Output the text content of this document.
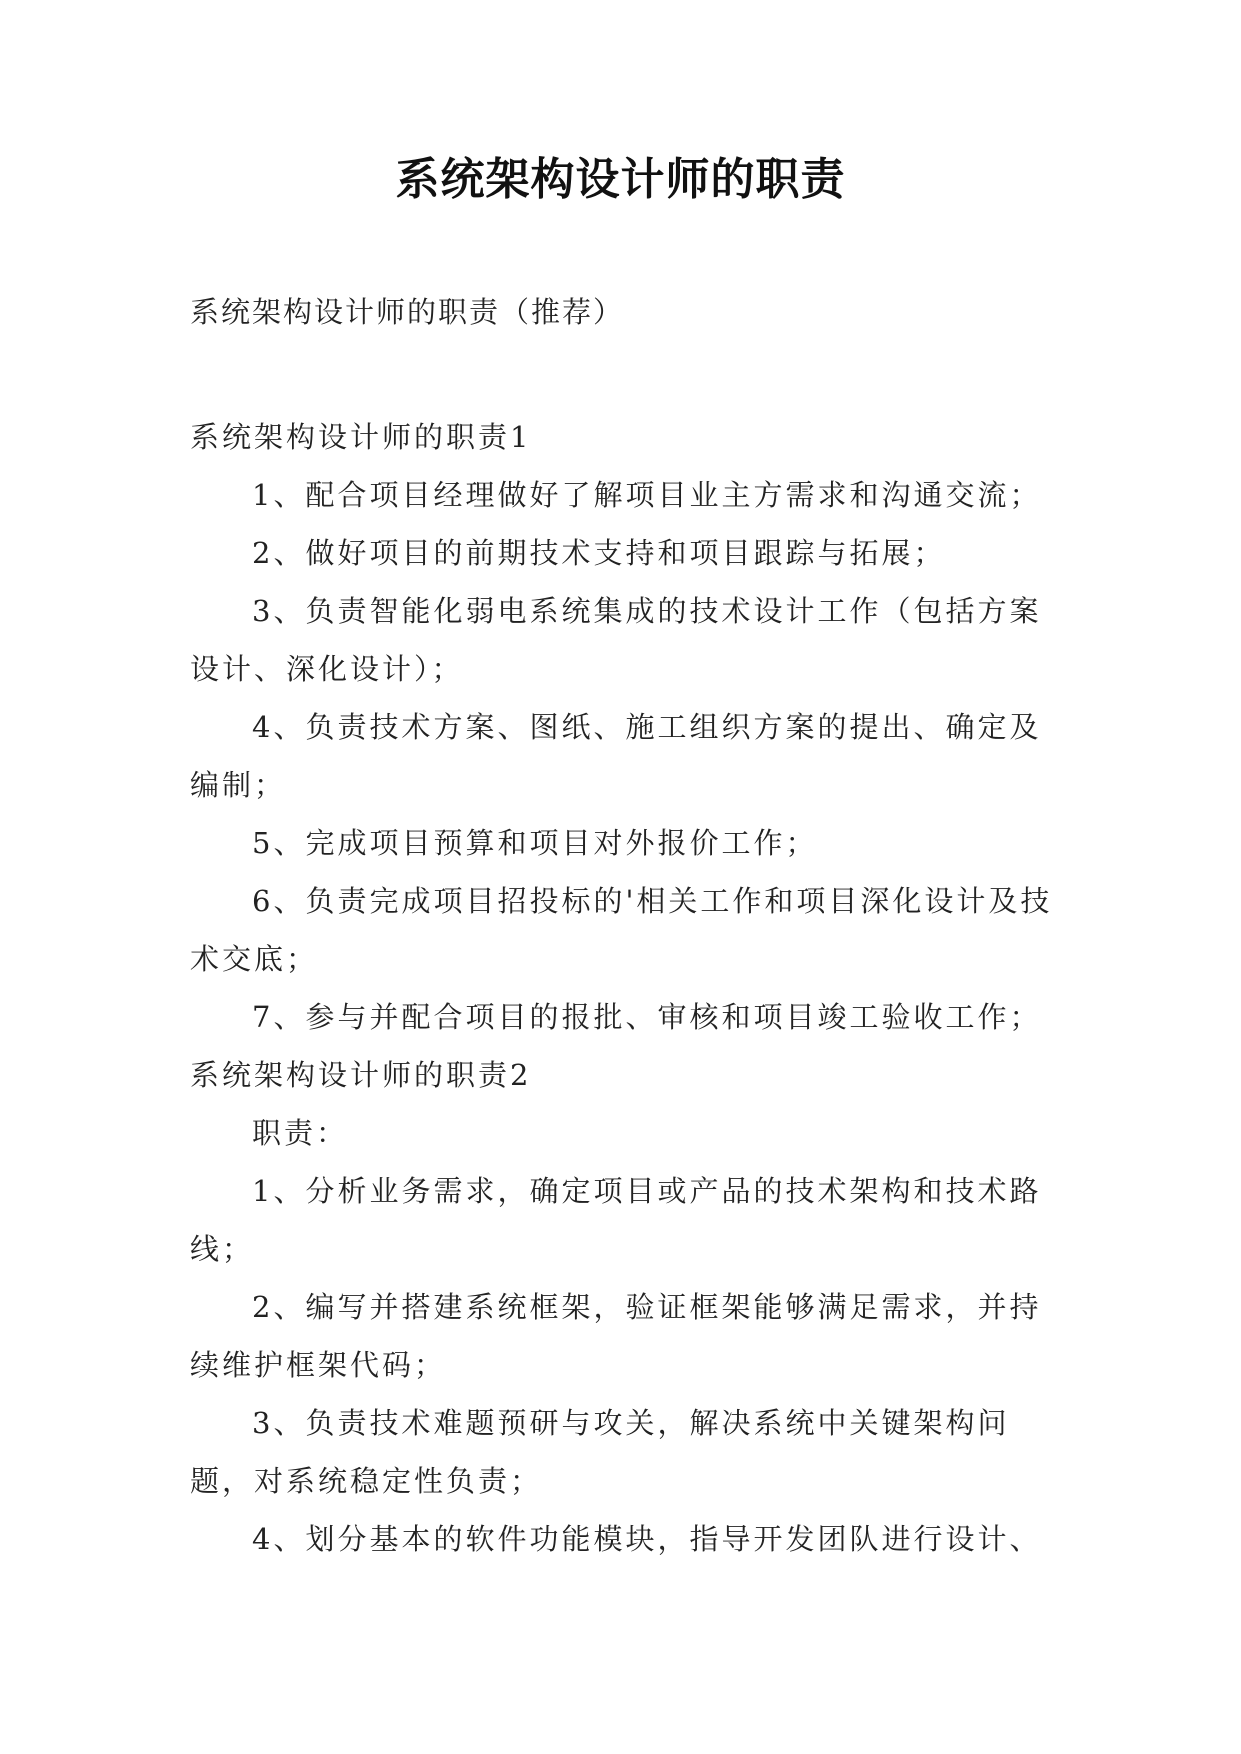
系统架构设计师的职责
系统架构设计师的职责（推荐）

系统架构设计师的职责1

1、配合项目经理做好了解项目业主方需求和沟通交流；

2、做好项目的前期技术支持和项目跟踪与拓展；

3、负责智能化弱电系统集成的技术设计工作（包括方案设计、深化设计）；

4、负责技术方案、图纸、施工组织方案的提出、确定及编制；

5、完成项目预算和项目对外报价工作；

6、负责完成项目招投标的'相关工作和项目深化设计及技术交底；

7、参与并配合项目的报批、审核和项目竣工验收工作；

系统架构设计师的职责2

职责：

1、分析业务需求，确定项目或产品的技术架构和技术路线；

2、编写并搭建系统框架，验证框架能够满足需求，并持续维护框架代码；

3、负责技术难题预研与攻关，解决系统中关键架构问题，对系统稳定性负责；

4、划分基本的软件功能模块，指导开发团队进行设计、
